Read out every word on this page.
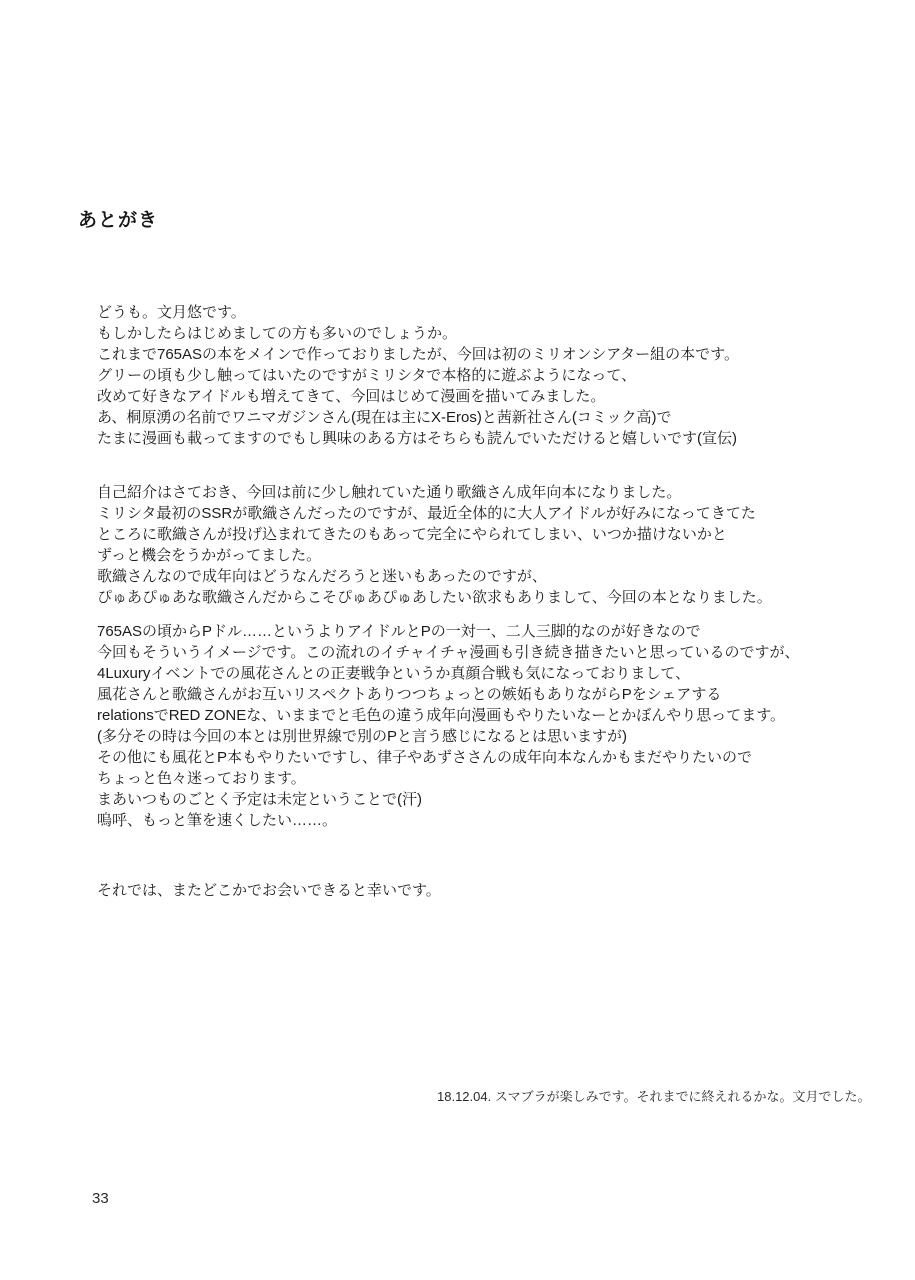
あとがき
どうも。文月悠です。
もしかしたらはじめましての方も多いのでしょうか。
これまで765ASの本をメインで作っておりましたが、今回は初のミリオンシアター組の本です。
グリーの頃も少し触ってはいたのですがミリシタで本格的に遊ぶようになって、
改めて好きなアイドルも増えてきて、今回はじめて漫画を描いてみました。
あ、桐原湧の名前でワニマガジンさん(現在は主にX-Eros)と茜新社さん(コミック高)で
たまに漫画も載ってますのでもし興味のある方はそちらも読んでいただけると嬉しいです(宣伝)
自己紹介はさておき、今回は前に少し触れていた通り歌織さん成年向本になりました。
ミリシタ最初のSSRが歌織さんだったのですが、最近全体的に大人アイドルが好みになってきてた
ところに歌織さんが投げ込まれてきたのもあって完全にやられてしまい、いつか描けないかと
ずっと機会をうかがってました。
歌織さんなので成年向はどうなんだろうと迷いもあったのですが、
ぴゅあぴゅあな歌織さんだからこそぴゅあぴゅあしたい欲求もありまして、今回の本となりました。
765ASの頃からPドル……というよりアイドルとPの一対一、二人三脚的なのが好きなので
今回もそういうイメージです。この流れのイチャイチャ漫画も引き続き描きたいと思っているのですが、
4Luxuryイベントでの風花さんとの正妻戦争というか真顔合戦も気になっておりまして、
風花さんと歌織さんがお互いリスペクトありつつちょっとの嫉妬もありながらPをシェアする
relationsでRED ZONEな、いままでと毛色の違う成年向漫画もやりたいなーとかぼんやり思ってます。
(多分その時は今回の本とは別世界線で別のPと言う感じになるとは思いますが)
その他にも風花とP本もやりたいですし、律子やあずささんの成年向本なんかもまだやりたいので
ちょっと色々迷っております。
まあいつものごとく予定は未定ということで(汗)
嗚呼、もっと筆を速くしたい……。
それでは、またどこかでお会いできると幸いです。
18.12.04. スマブラが楽しみです。それまでに終えれるかな。文月でした。
33
